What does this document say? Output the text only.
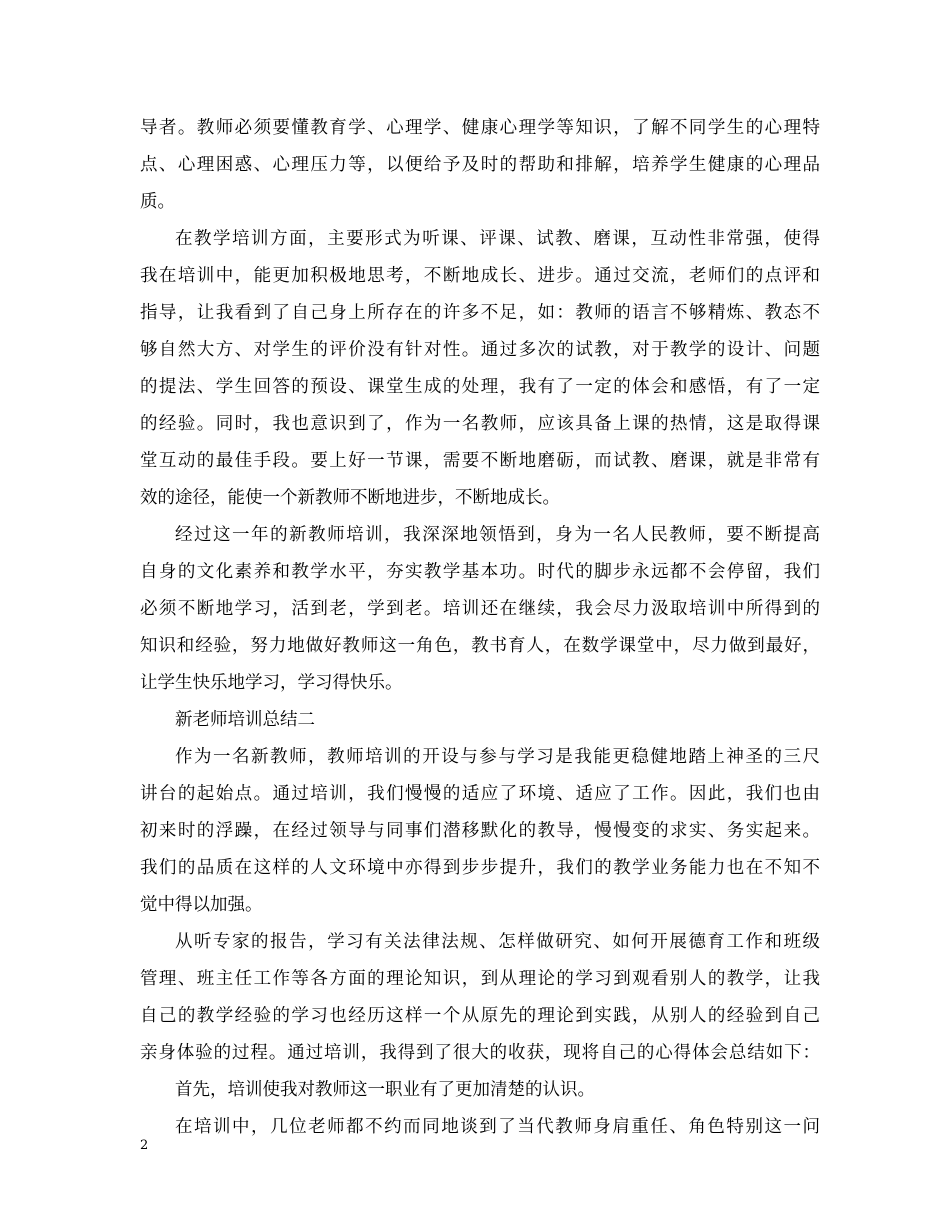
导者。教师必须要懂教育学、心理学、健康心理学等知识，了解不同学生的心理特
点、心理困惑、心理压力等，以便给予及时的帮助和排解，培养学生健康的心理品
质。
在教学培训方面，主要形式为听课、评课、试教、磨课，互动性非常强，使得
我在培训中，能更加积极地思考，不断地成长、进步。通过交流，老师们的点评和
指导，让我看到了自己身上所存在的许多不足，如：教师的语言不够精炼、教态不
够自然大方、对学生的评价没有针对性。通过多次的试教，对于教学的设计、问题
的提法、学生回答的预设、课堂生成的处理，我有了一定的体会和感悟，有了一定
的经验。同时，我也意识到了，作为一名教师，应该具备上课的热情，这是取得课
堂互动的最佳手段。要上好一节课，需要不断地磨砺，而试教、磨课，就是非常有
效的途径，能使一个新教师不断地进步，不断地成长。
经过这一年的新教师培训，我深深地领悟到，身为一名人民教师，要不断提高
自身的文化素养和教学水平，夯实教学基本功。时代的脚步永远都不会停留，我们
必须不断地学习，活到老，学到老。培训还在继续，我会尽力汲取培训中所得到的
知识和经验，努力地做好教师这一角色，教书育人，在数学课堂中，尽力做到最好，
让学生快乐地学习，学习得快乐。
新老师培训总结二
作为一名新教师，教师培训的开设与参与学习是我能更稳健地踏上神圣的三尺
讲台的起始点。通过培训，我们慢慢的适应了环境、适应了工作。因此，我们也由
初来时的浮躁，在经过领导与同事们潜移默化的教导，慢慢变的求实、务实起来。
我们的品质在这样的人文环境中亦得到步步提升，我们的教学业务能力也在不知不
觉中得以加强。
从听专家的报告，学习有关法律法规、怎样做研究、如何开展德育工作和班级
管理、班主任工作等各方面的理论知识，到从理论的学习到观看别人的教学，让我
自己的教学经验的学习也经历这样一个从原先的理论到实践，从别人的经验到自己
亲身体验的过程。通过培训，我得到了很大的收获，现将自己的心得体会总结如下：
首先，培训使我对教师这一职业有了更加清楚的认识。
在培训中，几位老师都不约而同地谈到了当代教师身肩重任、角色特别这一问
2
